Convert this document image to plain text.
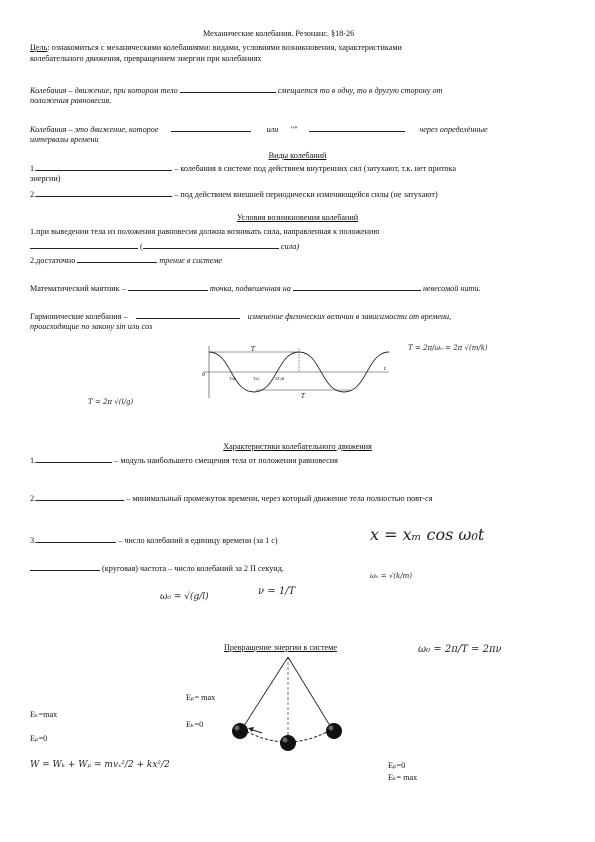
Механические колебания. Резонанс. §18-26
Цель: ознакомиться с механическими колебаниями: видами, условиями возникновения, характеристиками
колебательного движения, превращением энергии при колебаниях
Колебания – движение, при котором тело	смещается то в одну, то в другую сторону от
положения равновесия.
Колебания – это движение, которое	или ""	через определённые
интервалы времени
Виды колебаний
1.	– колебания в системе под действием внутренних сил (затухают, т.к. нет притока
энергии)
2.	– под действием внешней периодически изменяющейся силы (не затухают)
Условия возникновения колебаний
1.при выведении тела из положения равновесия должна возникать сила, направленная к положению
(	сила)
2.достаточно	трение в системе
Математический маятник –	точка, подвешенная на	невесомой нити.
Гармонические колебания –	изменение физических величин в зависимости от времени,
происходящие по закону sin или cos
T
T
0
T/4	T/2	3T/4
t
T = 2π/ω₀ = 2π √(m/k)
T = 2π √(l/g)
Характеристики колебательного движения
1.	– модуль наибольшего смещения тела от положения равновесия
2.	– минимальный промежуток времени, через который движение тела полностью повт-ся
3.	– число колебаний в единицу времени (за 1 с)	x = xₘ cos ω₀t
(круговая) частота – число колебаний за 2 П секунд.
ω₀ = √(k/m)
ω₀ = √(g/l)	ν = 1/T
Превращение энергии в системе	ω₀ = 2π/T = 2πν
Eₚ= max
Eₖ=0
Eₖ=max
Eₚ=0
W = Wₖ + Wₚ = mvₓ²/2 + kx²/2	Eₚ=0
Eₖ= max
